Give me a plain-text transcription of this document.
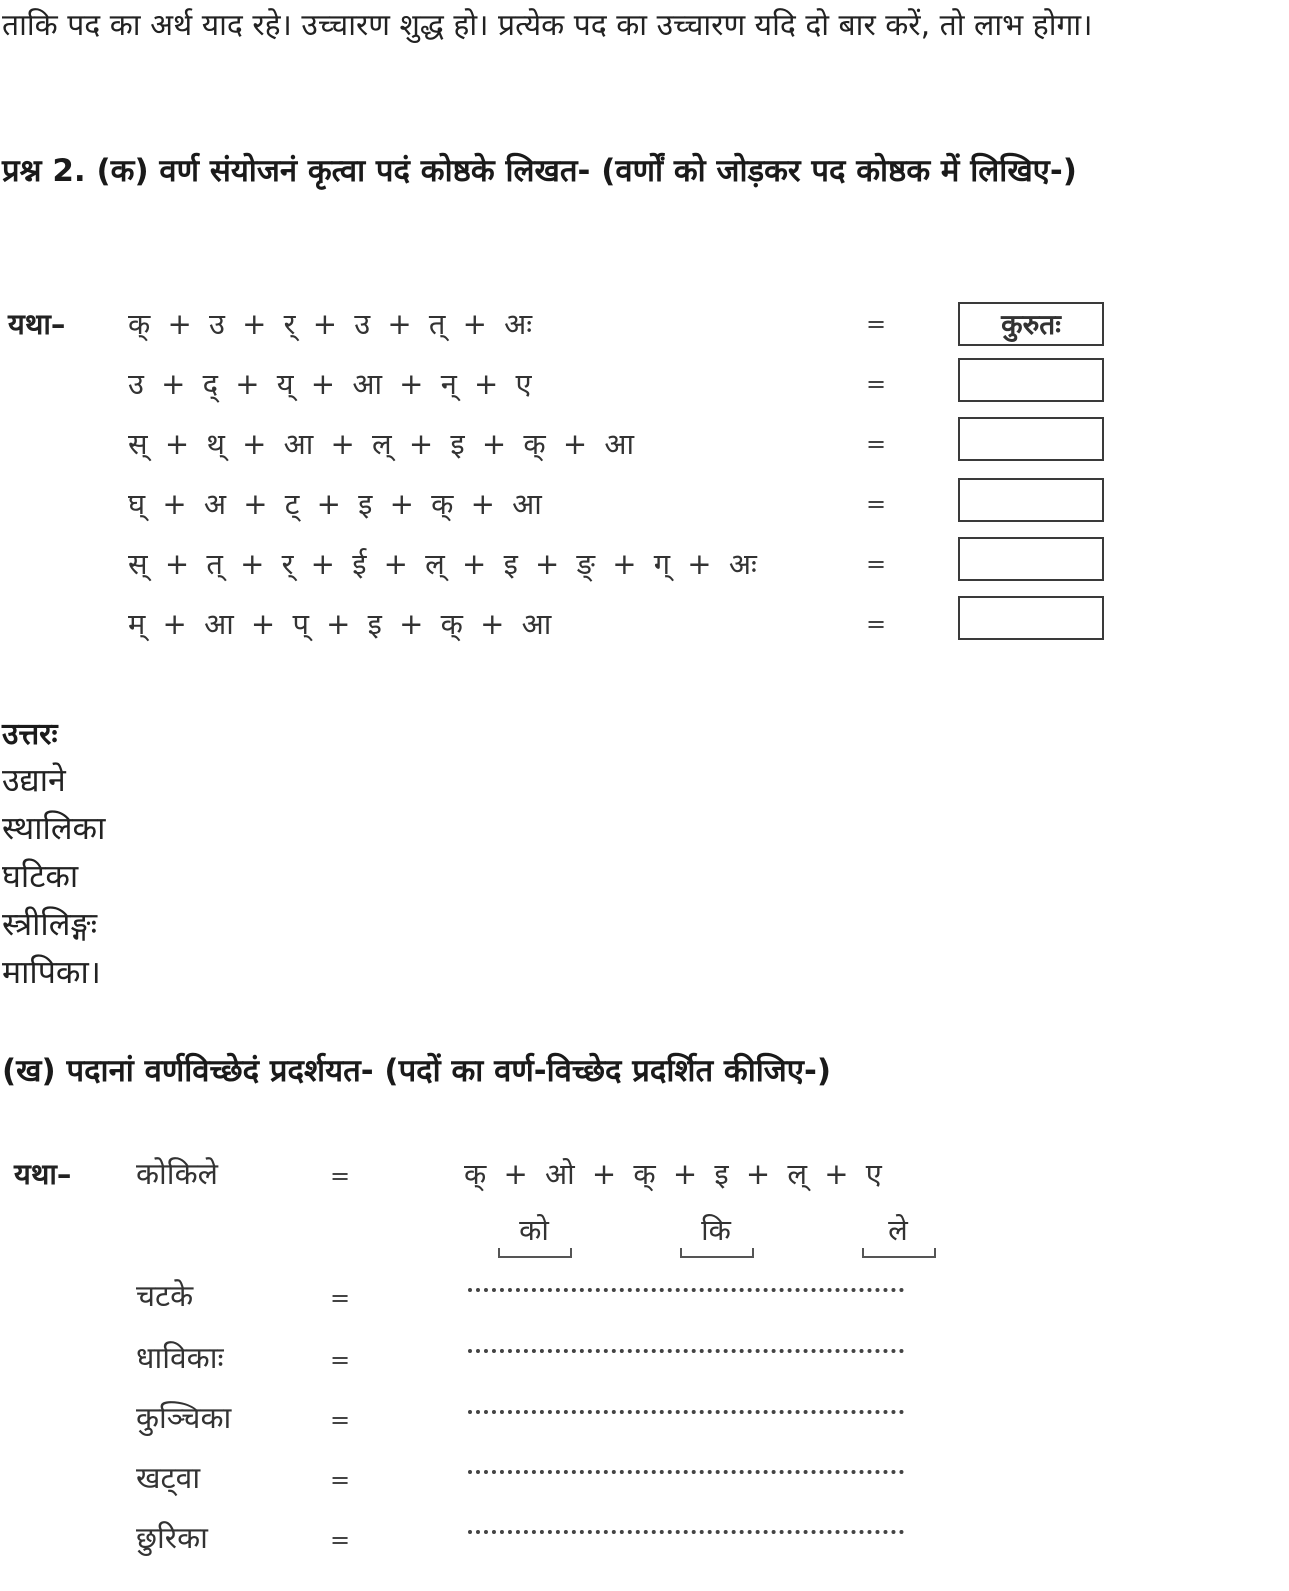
ताकि पद का अर्थ याद रहे। उच्चारण शुद्ध हो। प्रत्येक पद का उच्चारण यदि दो बार करें, तो लाभ होगा।
प्रश्न 2. (क) वर्ण संयोजनं कृत्वा पदं कोष्ठके लिखत- (वर्णों को जोड़कर पद कोष्ठक में लिखिए-)
यथा– क् + उ + र् + उ + त् + अः	=	कुरुतः
उ + द् + य् + आ + न् + ए	=
स् + थ् + आ + ल् + इ + क् + आ	=
घ् + अ + ट् + इ + क् + आ	=
स् + त् + र् + ई + ल् + इ + ङ् + ग् + अः	=
म् + आ + प् + इ + क् + आ	=
उत्तरः
उद्याने
स्थालिका
घटिका
स्त्रीलिङ्गः
मापिका।
(ख) पदानां वर्णविच्छेदं प्रदर्शयत- (पदों का वर्ण-विच्छेद प्रदर्शित कीजिए-)
यथा– कोकिले	=	क् + ओ + क् + इ + ल् + ए
को	कि	ले
चटके	=
धाविकाः	=
कुञ्चिका	=
खट्वा	=
छुरिका	=
